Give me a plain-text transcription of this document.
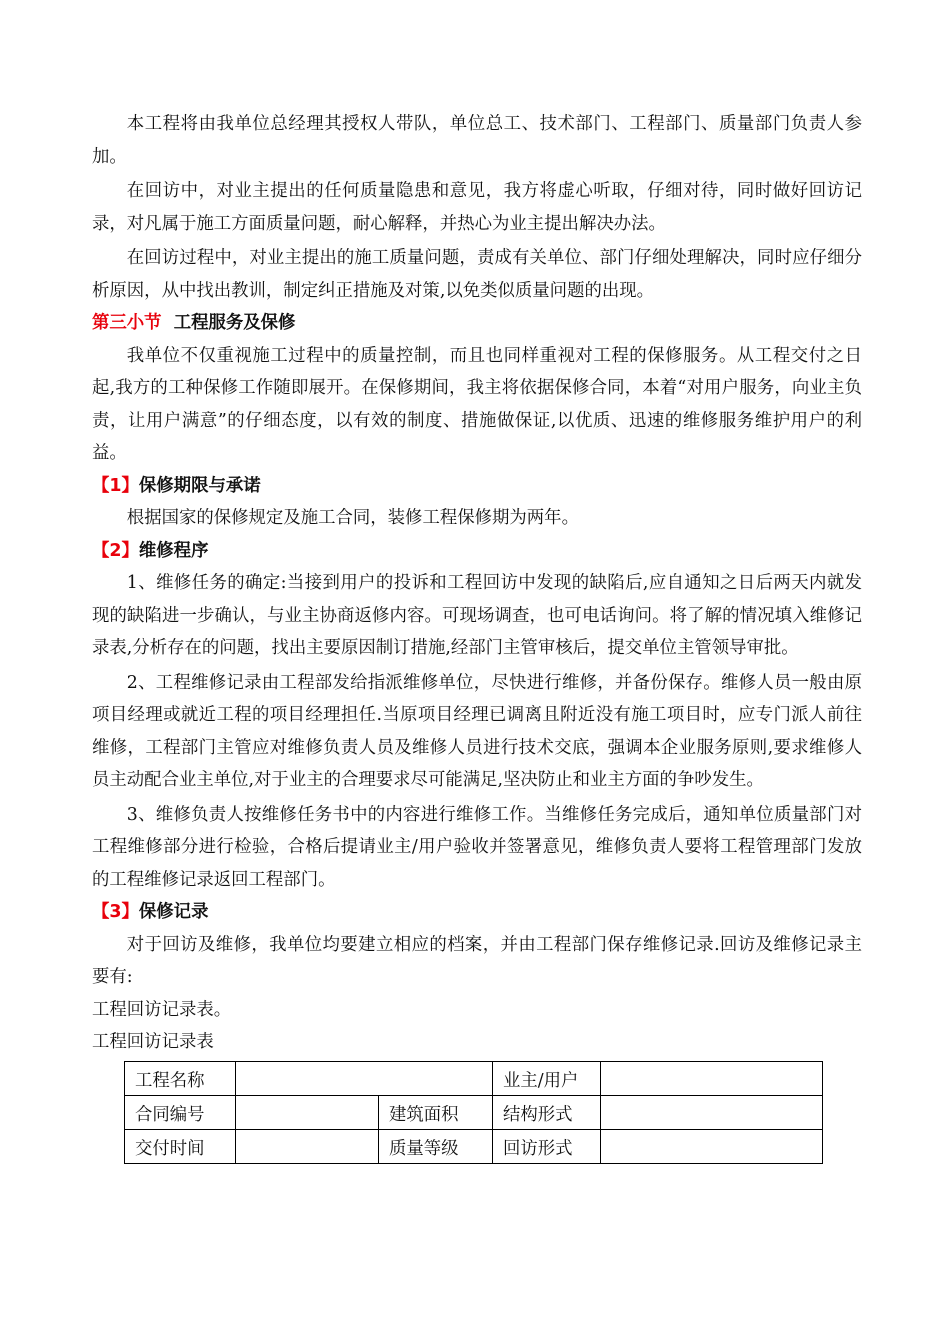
本工程将由我单位总经理其授权人带队，单位总工、技术部门、工程部门、质量部门负责人参加。

在回访中，对业主提出的任何质量隐患和意见，我方将虚心听取，仔细对待，同时做好回访记录，对凡属于施工方面质量问题，耐心解释，并热心为业主提出解决办法。

在回访过程中，对业主提出的施工质量问题，责成有关单位、部门仔细处理解决，同时应仔细分析原因，从中找出教训，制定纠正措施及对策,以免类似质量问题的出现。

第三小节 工程服务及保修

我单位不仅重视施工过程中的质量控制，而且也同样重视对工程的保修服务。从工程交付之日起,我方的工种保修工作随即展开。在保修期间，我主将依据保修合同，本着“对用户服务，向业主负责，让用户满意”的仔细态度，以有效的制度、措施做保证,以优质、迅速的维修服务维护用户的利益。

【1】保修期限与承诺

根据国家的保修规定及施工合同，装修工程保修期为两年。

【2】维修程序

1、维修任务的确定:当接到用户的投诉和工程回访中发现的缺陷后,应自通知之日后两天内就发现的缺陷进一步确认，与业主协商返修内容。可现场调查，也可电话询问。将了解的情况填入维修记录表,分析存在的问题，找出主要原因制订措施,经部门主管审核后，提交单位主管领导审批。

2、工程维修记录由工程部发给指派维修单位，尽快进行维修，并备份保存。维修人员一般由原项目经理或就近工程的项目经理担任.当原项目经理已调离且附近没有施工项目时，应专门派人前往维修，工程部门主管应对维修负责人员及维修人员进行技术交底，强调本企业服务原则,要求维修人员主动配合业主单位,对于业主的合理要求尽可能满足,坚决防止和业主方面的争吵发生。

3、维修负责人按维修任务书中的内容进行维修工作。当维修任务完成后，通知单位质量部门对工程维修部分进行检验，合格后提请业主/用户验收并签署意见，维修负责人要将工程管理部门发放的工程维修记录返回工程部门。

【3】保修记录

对于回访及维修，我单位均要建立相应的档案，并由工程部门保存维修记录.回访及维修记录主要有:

工程回访记录表。

工程回访记录表

工程名称			业主/用户	
合同编号		建筑面积	结构形式	
交付时间		质量等级	回访形式	
